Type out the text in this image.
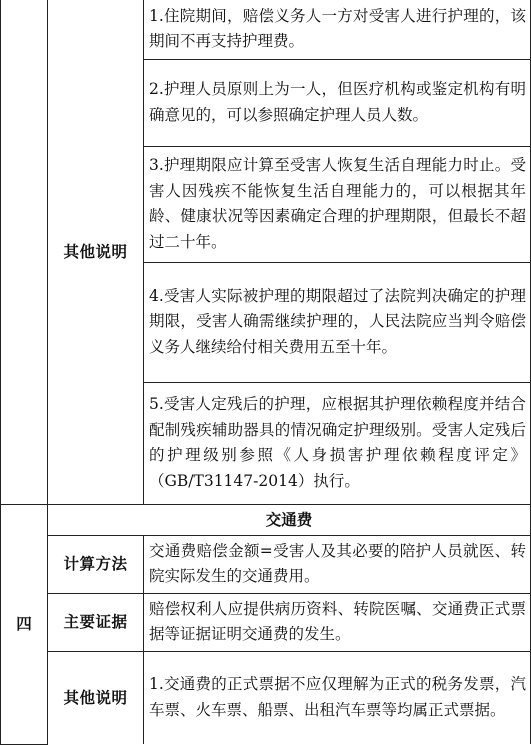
	其他说明	1.住院期间，赔偿义务人一方对受害人进行护理的，该期间不再支持护理费。
		2.护理人员原则上为一人，但医疗机构或鉴定机构有明确意见的，可以参照确定护理人员人数。
		3.护理期限应计算至受害人恢复生活自理能力时止。受害人因残疾不能恢复生活自理能力的，可以根据其年龄、健康状况等因素确定合理的护理期限，但最长不超过二十年。
		4.受害人实际被护理的期限超过了法院判决确定的护理期限，受害人确需继续护理的，人民法院应当判令赔偿义务人继续给付相关费用五至十年。
		5.受害人定残后的护理，应根据其护理依赖程度并结合配制残疾辅助器具的情况确定护理级别。受害人定残后的护理级别参照《人身损害护理依赖程度评定》（GB/T31147-2014）执行。
四	交通费	
	计算方法	交通费赔偿金额=受害人及其必要的陪护人员就医、转院实际发生的交通费用。
	主要证据	赔偿权利人应提供病历资料、转院医嘱、交通费正式票据等证据证明交通费的发生。
	其他说明	1.交通费的正式票据不应仅理解为正式的税务发票，汽车票、火车票、船票、出租汽车票等均属正式票据。
